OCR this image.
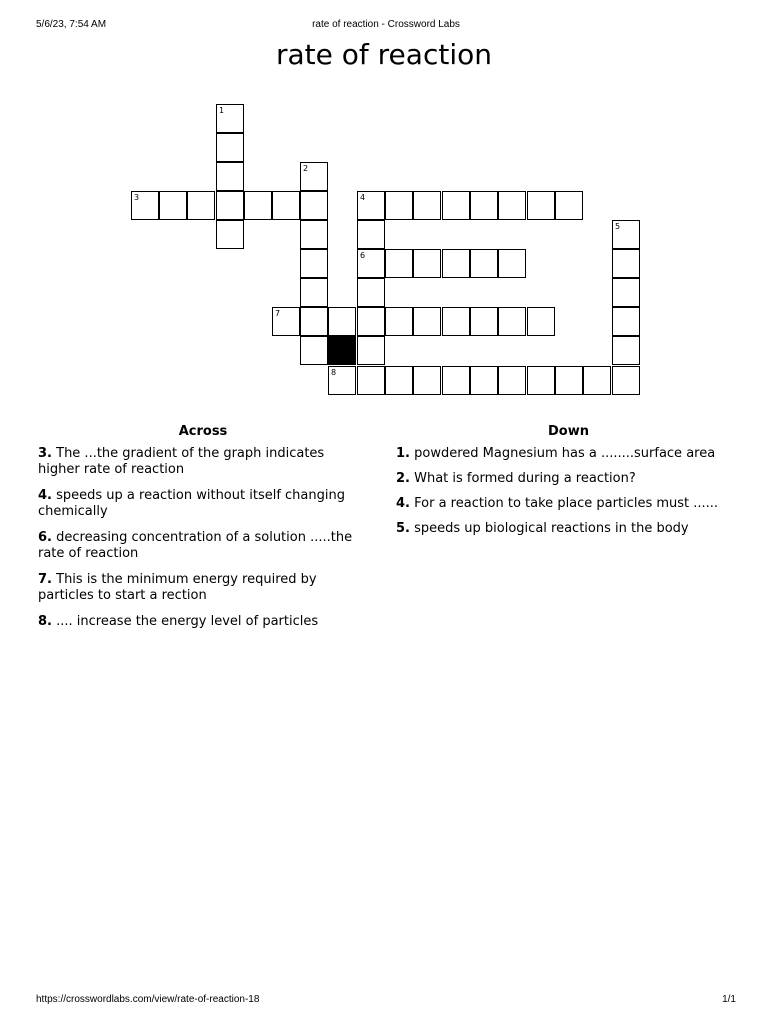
5/6/23, 7:54 AM	rate of reaction - Crossword Labs
rate of reaction
1
3
2
4
6
7
8
5
Across
3. The ...the gradient of the graph indicates higher rate of reaction
4. speeds up a reaction without itself changing chemically
6. decreasing concentration of a solution .....the rate of reaction
7. This is the minimum energy required by particles to start a rection
8. .... increase the energy level of particles
Down
1. powdered Magnesium has a ........surface area
2. What is formed during a reaction?
4. For a reaction to take place particles must ......
5. speeds up biological reactions in the body
https://crosswordlabs.com/view/rate-of-reaction-18	1/1
